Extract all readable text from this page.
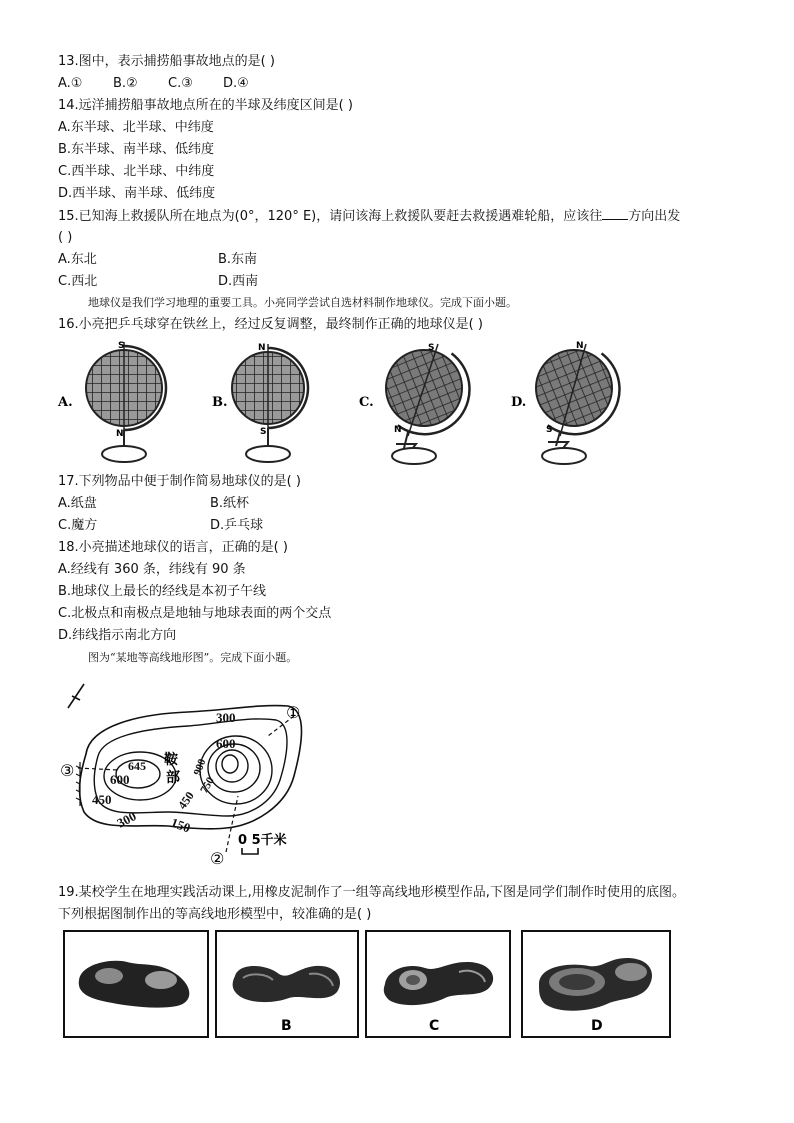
13.图中，表示捕捞船事故地点的是( )
A.① B.② C.③ D.④
14.远洋捕捞船事故地点所在的半球及纬度区间是( )
A.东半球、北半球、中纬度
B.东半球、南半球、低纬度
C.西半球、北半球、中纬度
D.西半球、南半球、低纬度
15.已知海上救援队所在地点为(0°，120° E)，请问该海上救援队要赶去救援遇难轮船，应该往 方向出发
( )
A.东北	B.东南
C.西北	D.西南
地球仪是我们学习地理的重要工具。小亮同学尝试自选材料制作地球仪。完成下面小题。
16.小亮把乒乓球穿在铁丝上，经过反复调整，最终制作正确的地球仪是( )
A.
S
N
B.
N
S
C.
S
N
D.
N
S
17.下列物品中便于制作简易地球仪的是( )
A.纸盘	B.纸杯
C.魔方	D.乒乓球
18.小亮描述地球仪的语言，正确的是( )
A.经线有 360 条，纬线有 90 条
B.地球仪上最长的经线是本初子午线
C.北极点和南极点是地轴与地球表面的两个交点
D.纬线指示南北方向
图为“某地等高线地形图”。完成下面小题。
①
②
③
300
600
645
600
450
300 150
900
750
450
鞍
部
0 5千米
19.某校学生在地理实践活动课上,用橡皮泥制作了一组等高线地形模型作品,下图是同学们制作时使用的底图。
下列根据图制作出的等高线地形模型中，较准确的是( )
B	C	D
